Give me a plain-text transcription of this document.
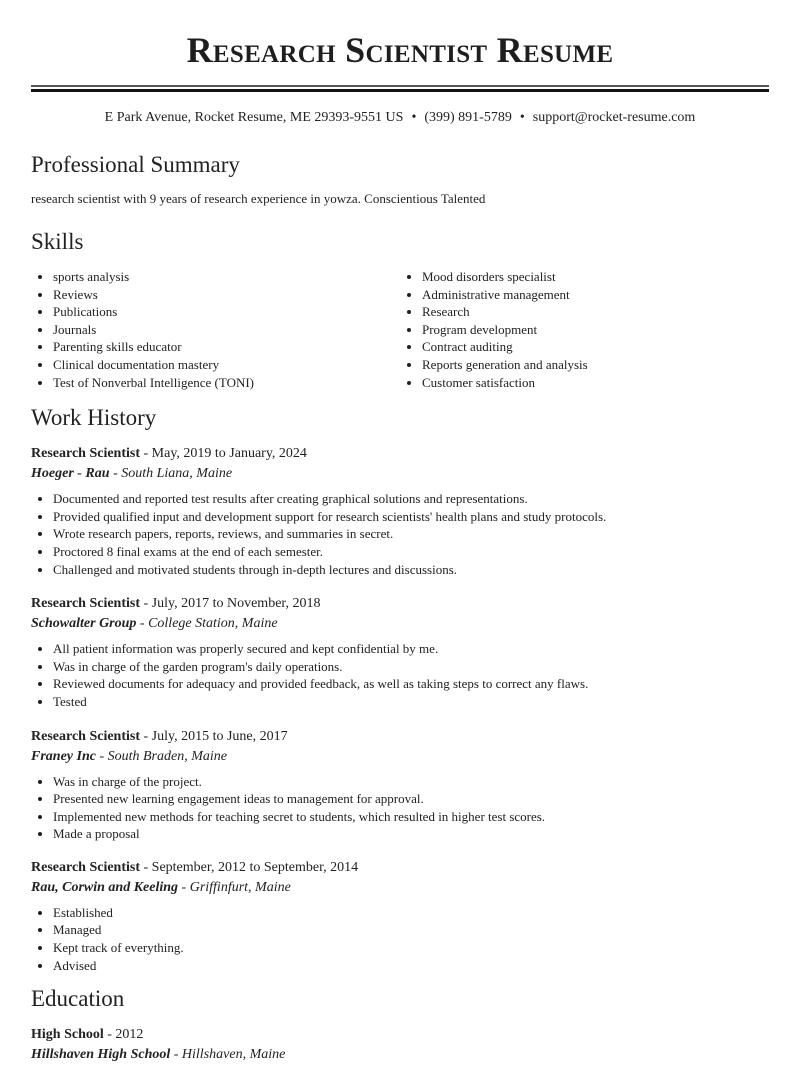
Research Scientist Resume
E Park Avenue, Rocket Resume, ME 29393-9551 US • (399) 891-5789 • support@rocket-resume.com
Professional Summary
research scientist with 9 years of research experience in yowza. Conscientious Talented
Skills
• sports analysis
• Reviews
• Publications
• Journals
• Parenting skills educator
• Clinical documentation mastery
• Test of Nonverbal Intelligence (TONI)
• Mood disorders specialist
• Administrative management
• Research
• Program development
• Contract auditing
• Reports generation and analysis
• Customer satisfaction
Work History
Research Scientist - May, 2019 to January, 2024
Hoeger - Rau - South Liana, Maine
• Documented and reported test results after creating graphical solutions and representations.
• Provided qualified input and development support for research scientists' health plans and study protocols.
• Wrote research papers, reports, reviews, and summaries in secret.
• Proctored 8 final exams at the end of each semester.
• Challenged and motivated students through in-depth lectures and discussions.
Research Scientist - July, 2017 to November, 2018
Schowalter Group - College Station, Maine
• All patient information was properly secured and kept confidential by me.
• Was in charge of the garden program's daily operations.
• Reviewed documents for adequacy and provided feedback, as well as taking steps to correct any flaws.
• Tested
Research Scientist - July, 2015 to June, 2017
Franey Inc - South Braden, Maine
• Was in charge of the project.
• Presented new learning engagement ideas to management for approval.
• Implemented new methods for teaching secret to students, which resulted in higher test scores.
• Made a proposal
Research Scientist - September, 2012 to September, 2014
Rau, Corwin and Keeling - Griffinfurt, Maine
• Established
• Managed
• Kept track of everything.
• Advised
Education
High School - 2012
Hillshaven High School - Hillshaven, Maine
